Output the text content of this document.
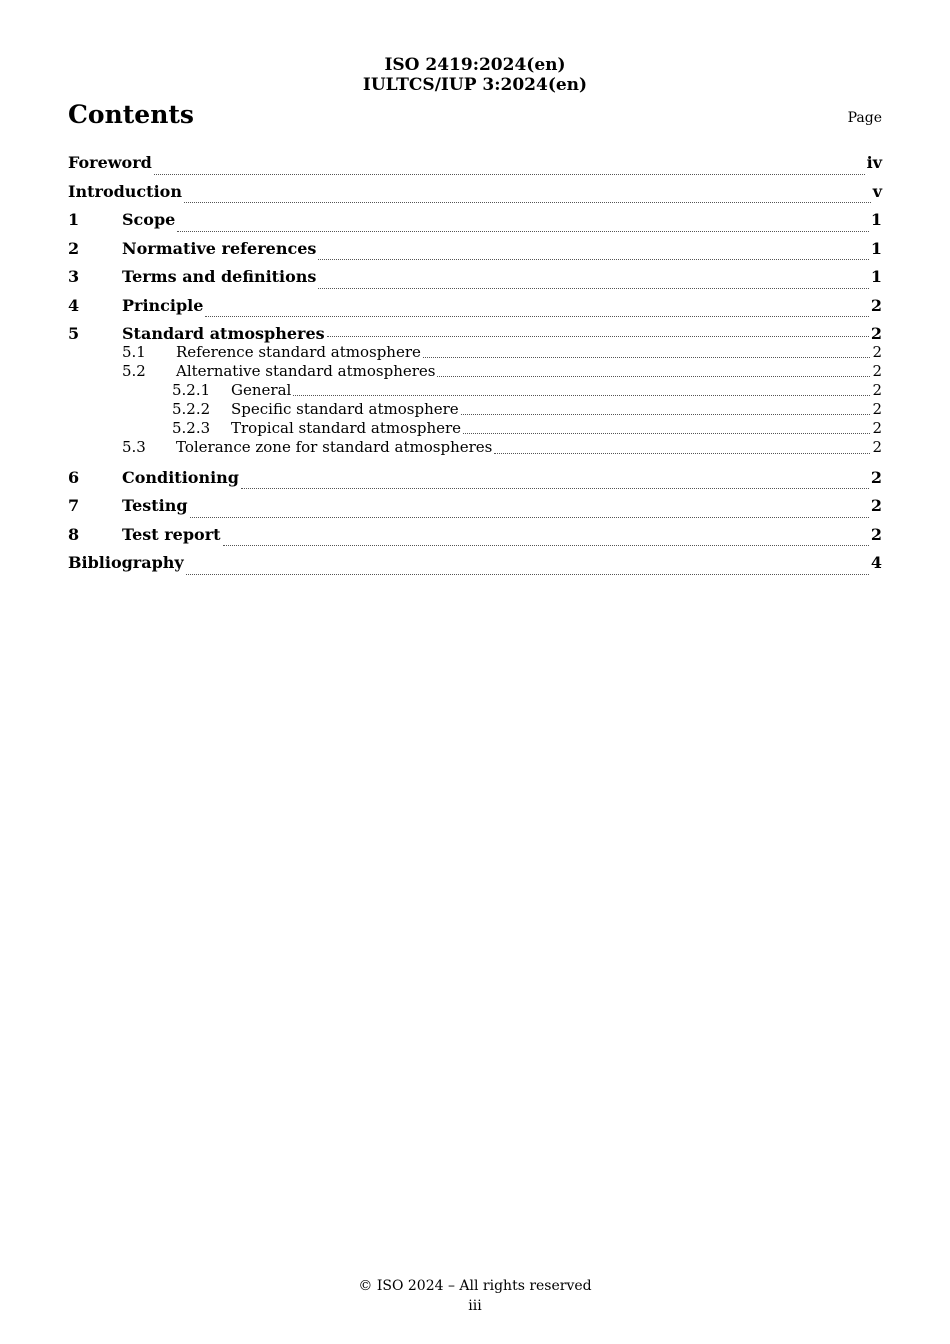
ISO 2419:2024(en)
IULTCS/IUP 3:2024(en)
Contents	Page
Foreword	iv
Introduction	v
1	Scope	1
2	Normative references	1
3	Terms and definitions	1
4	Principle	2
5	Standard atmospheres	2
5.1	Reference standard atmosphere	2
5.2	Alternative standard atmospheres	2
5.2.1	General	2
5.2.2	Specific standard atmosphere	2
5.2.3	Tropical standard atmosphere	2
5.3	Tolerance zone for standard atmospheres	2
6	Conditioning	2
7	Testing	2
8	Test report	2
Bibliography	4
© ISO 2024 – All rights reserved
iii
